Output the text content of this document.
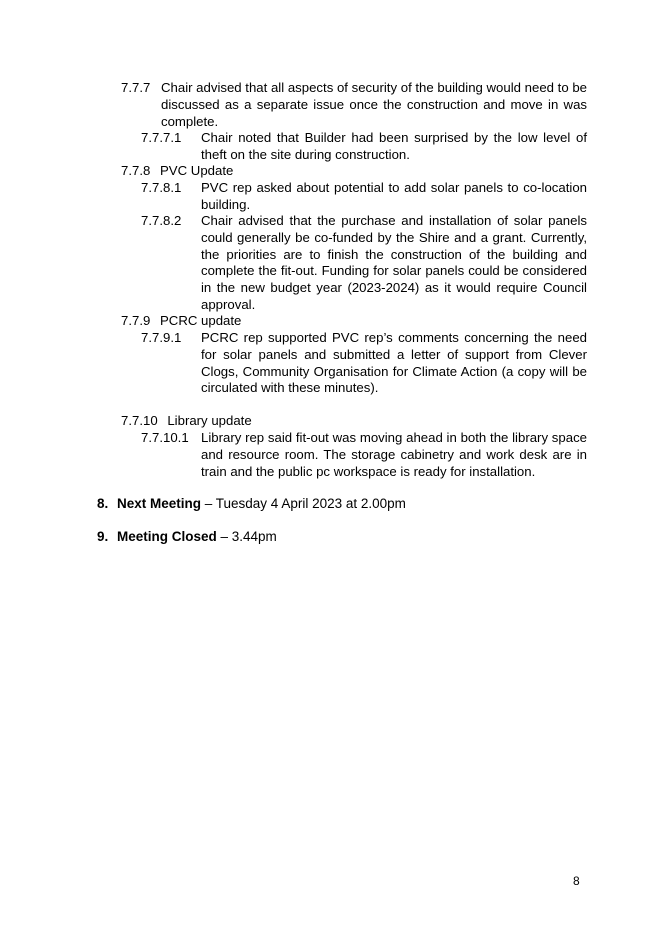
7.7.7 Chair advised that all aspects of security of the building would need to be discussed as a separate issue once the construction and move in was complete.
7.7.7.1 Chair noted that Builder had been surprised by the low level of theft on the site during construction.
7.7.8 PVC Update
7.7.8.1 PVC rep asked about potential to add solar panels to co-location building.
7.7.8.2 Chair advised that the purchase and installation of solar panels could generally be co-funded by the Shire and a grant. Currently, the priorities are to finish the construction of the building and complete the fit-out. Funding for solar panels could be considered in the new budget year (2023-2024) as it would require Council approval.
7.7.9 PCRC update
7.7.9.1 PCRC rep supported PVC rep’s comments concerning the need for solar panels and submitted a letter of support from Clever Clogs, Community Organisation for Climate Action (a copy will be circulated with these minutes).
7.7.10 Library update
7.7.10.1 Library rep said fit-out was moving ahead in both the library space and resource room. The storage cabinetry and work desk are in train and the public pc workspace is ready for installation.
8. Next Meeting – Tuesday 4 April 2023 at 2.00pm
9. Meeting Closed – 3.44pm
8
